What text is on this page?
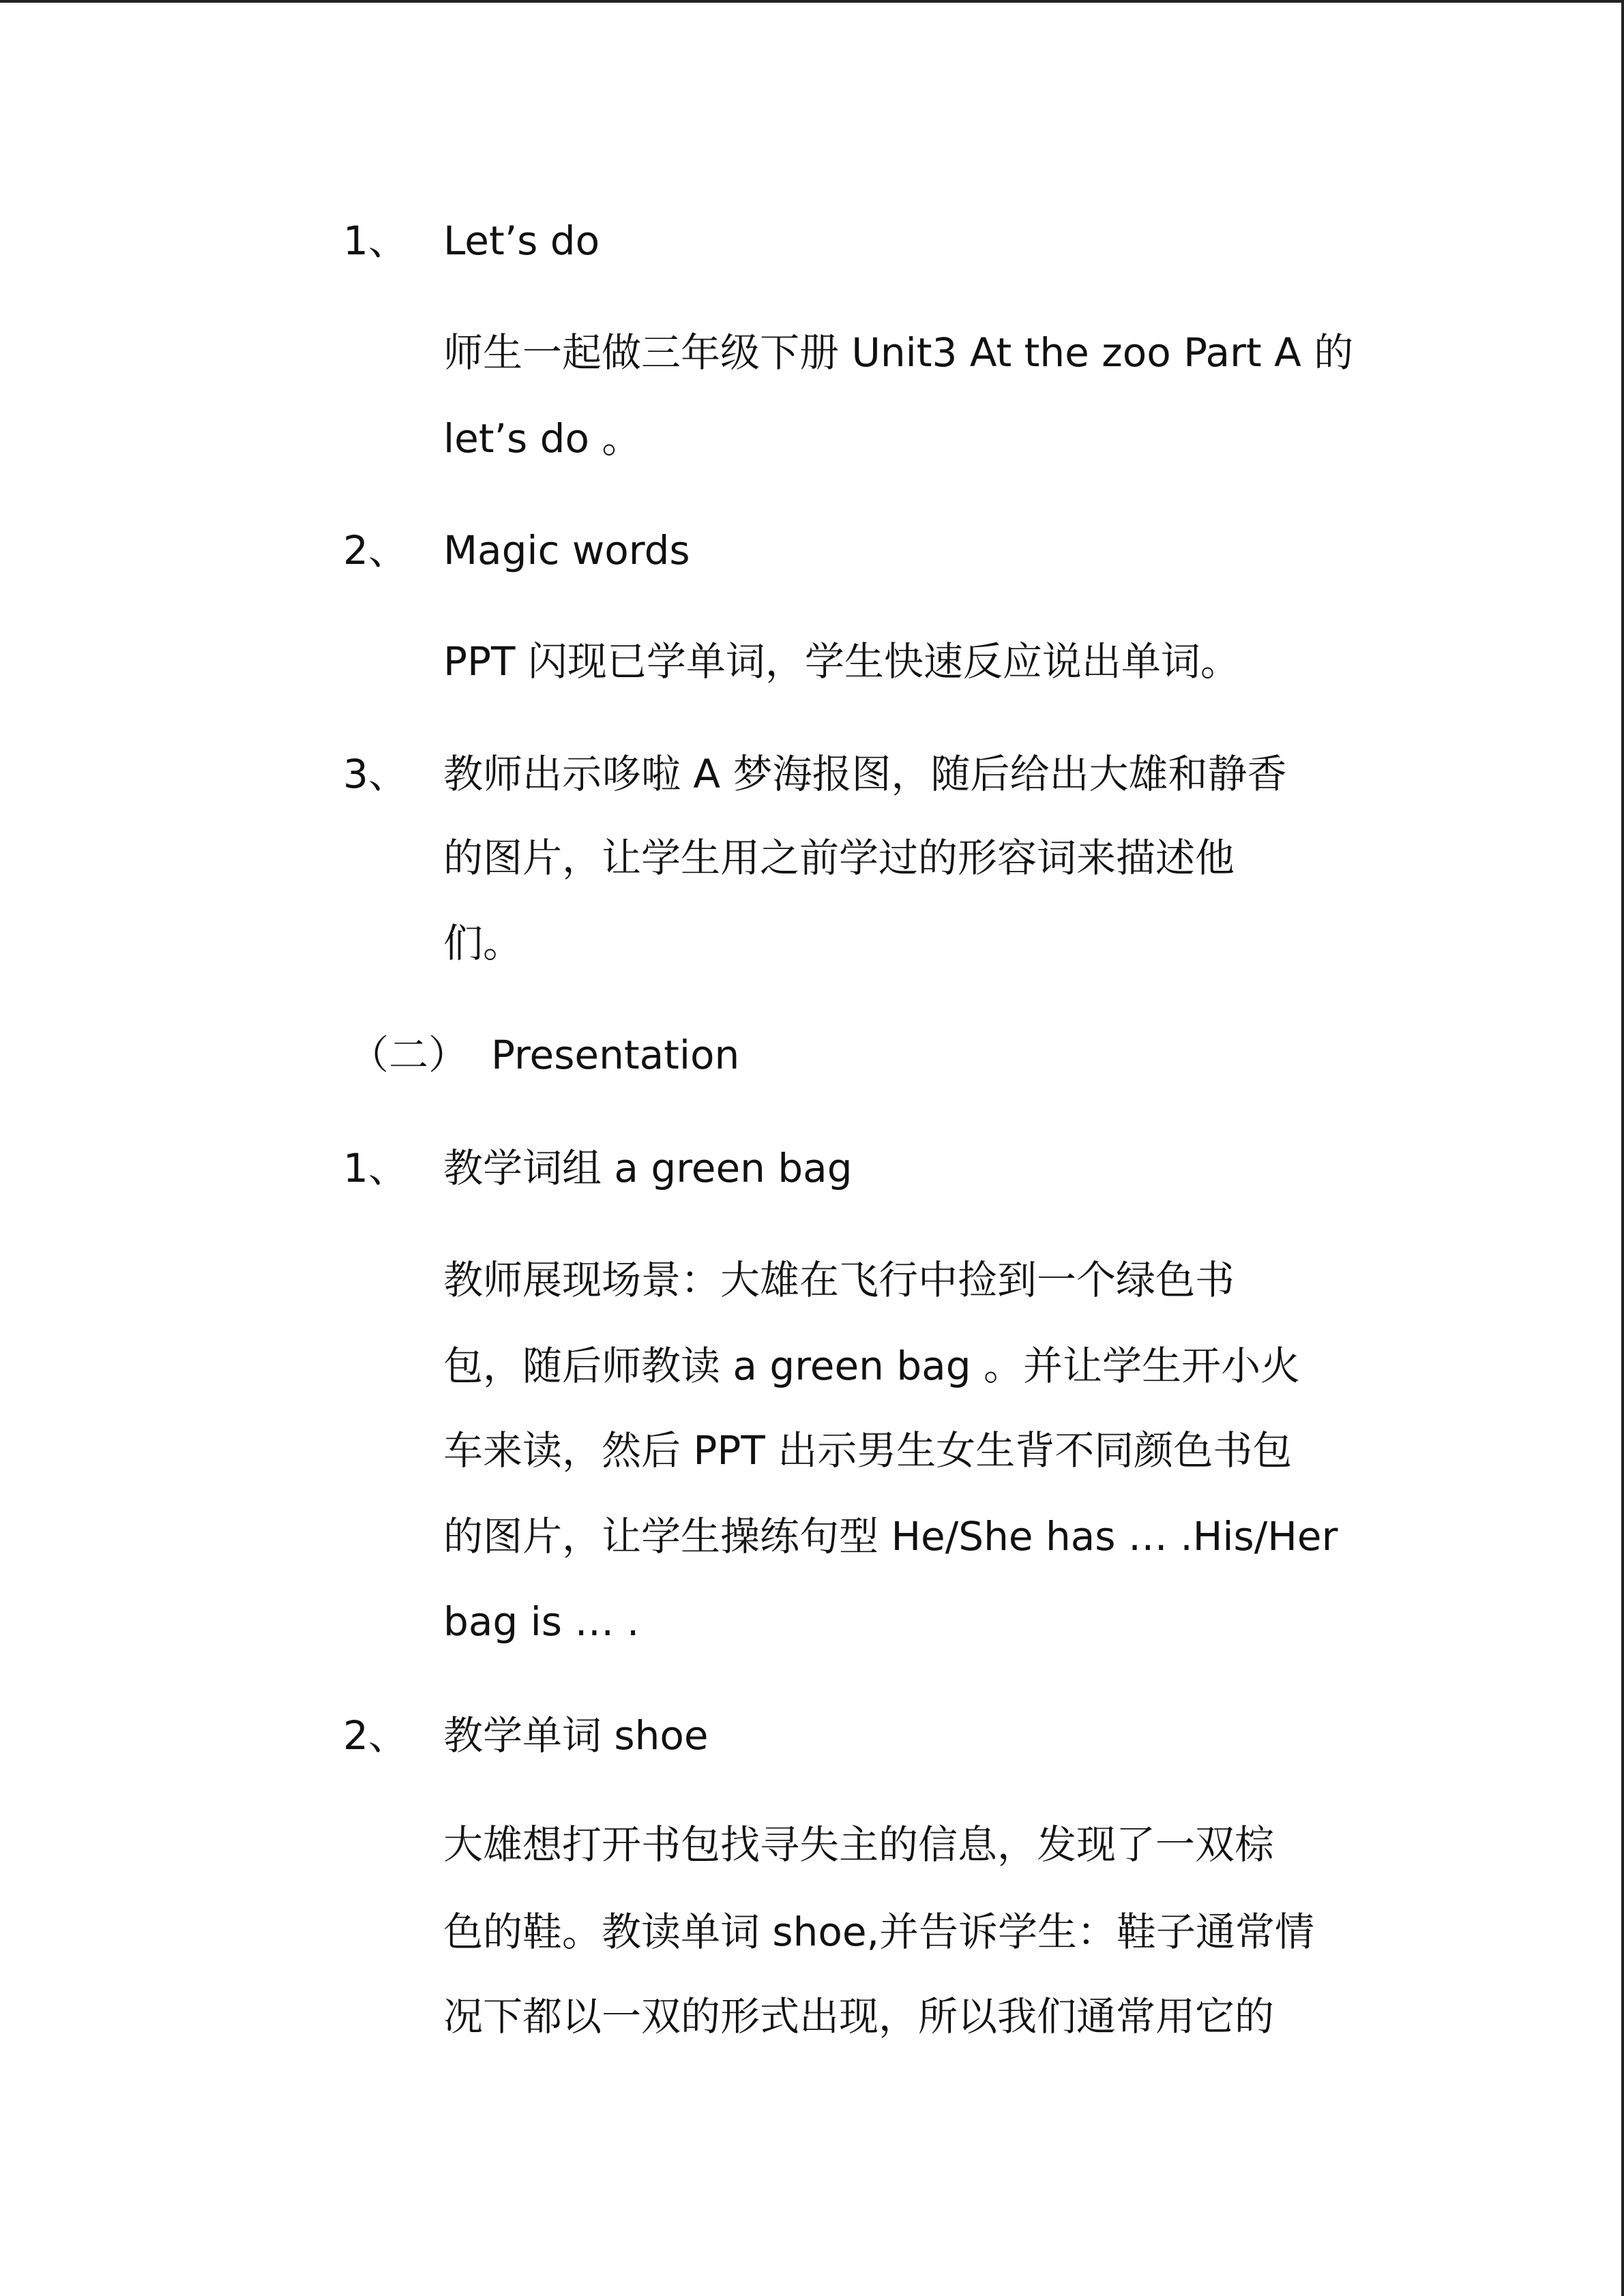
1、 Let’s do
师生一起做三年级下册 Unit3 At the zoo Part A 的
let’s do 。
2、 Magic words
PPT 闪现已学单词，学生快速反应说出单词。
3、 教师出示哆啦 A 梦海报图，随后给出大雄和静香
的图片，让学生用之前学过的形容词来描述他
们。
（二） Presentation
1、 教学词组 a green bag
教师展现场景：大雄在飞行中捡到一个绿色书
包，随后师教读 a green bag 。并让学生开小火
车来读，然后 PPT 出示男生女生背不同颜色书包
的图片，让学生操练句型 He/She has … .His/Her
bag is … .
2、 教学单词 shoe
大雄想打开书包找寻失主的信息，发现了一双棕
色的鞋。教读单词 shoe,并告诉学生：鞋子通常情
况下都以一双的形式出现，所以我们通常用它的
